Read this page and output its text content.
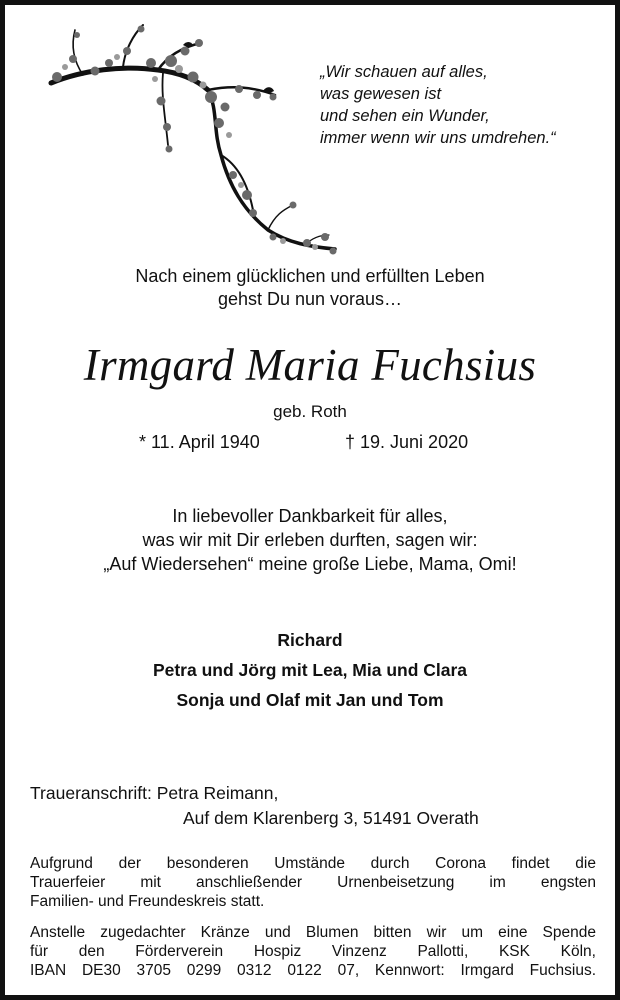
„Wir schauen auf alles,
was gewesen ist
und sehen ein Wunder,
immer wenn wir uns umdrehen.“
Nach einem glücklichen und erfüllten Leben
gehst Du nun voraus…
Irmgard Maria Fuchsius
geb. Roth
* 11. April 1940	† 19. Juni 2020
In liebevoller Dankbarkeit für alles,
was wir mit Dir erleben durften, sagen wir:
„Auf Wiedersehen“ meine große Liebe, Mama, Omi!
Richard
Petra und Jörg mit Lea, Mia und Clara
Sonja und Olaf mit Jan und Tom
Traueranschrift: Petra Reimann,
Auf dem Klarenberg 3, 51491 Overath
Aufgrund der besonderen Umstände durch Corona findet die
Trauerfeier mit anschließender Urnenbeisetzung im engsten
Familien- und Freundeskreis statt.
Anstelle zugedachter Kränze und Blumen bitten wir um eine Spende
für den Förderverein Hospiz Vinzenz Pallotti, KSK Köln,
IBAN DE30 3705 0299 0312 0122 07, Kennwort: Irmgard Fuchsius.
